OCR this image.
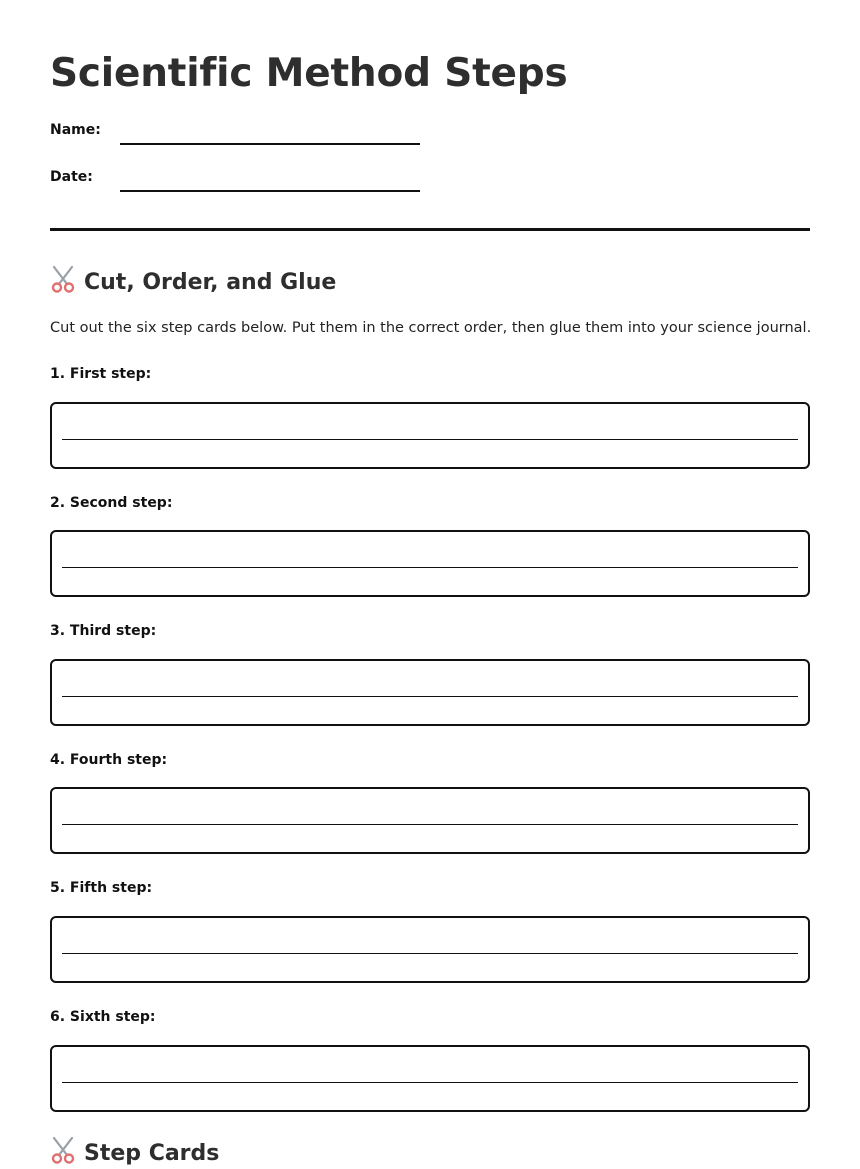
Scientific Method Steps
Name:
Date:
Cut, Order, and Glue

Cut out the six step cards below. Put them in the correct order, then glue them into your science journal.

1. First step:
2. Second step:
3. Third step:
4. Fourth step:
5. Fifth step:
6. Sixth step:
Step Cards
